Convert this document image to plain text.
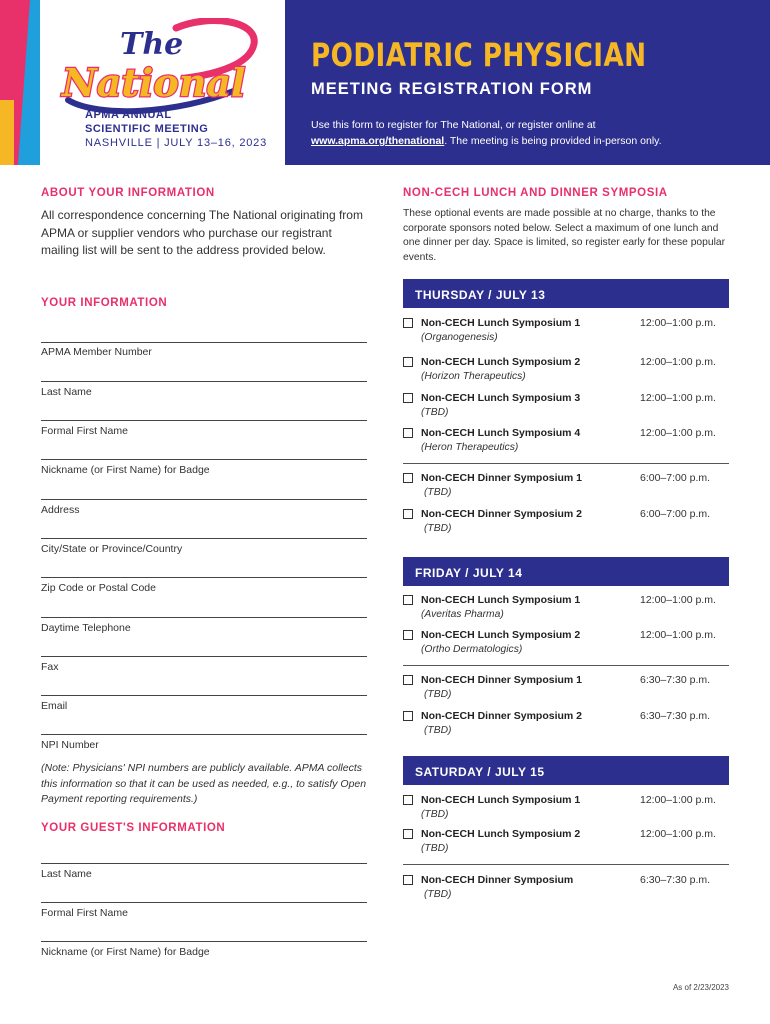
The
National
APMA ANNUAL
SCIENTIFIC MEETING
NASHVILLE | JULY 13–16, 2023
PODIATRIC PHYSICIAN
MEETING REGISTRATION FORM
Use this form to register for The National, or register online at
www.apma.org/thenational. The meeting is being provided in-person only.
ABOUT YOUR INFORMATION
All correspondence concerning The National originating from APMA or supplier vendors who purchase our registrant mailing list will be sent to the address provided below.
YOUR INFORMATION
APMA Member Number
Last Name
Formal First Name
Nickname (or First Name) for Badge
Address
City/State or Province/Country
Zip Code or Postal Code
Daytime Telephone
Fax
Email
NPI Number
(Note: Physicians' NPI numbers are publicly available. APMA collects this information so that it can be used as needed, e.g., to satisfy Open Payment reporting requirements.)
YOUR GUEST'S INFORMATION
Last Name
Formal First Name
Nickname (or First Name) for Badge
NON-CECH LUNCH AND DINNER SYMPOSIA
These optional events are made possible at no charge, thanks to the corporate sponsors noted below. Select a maximum of one lunch and one dinner per day. Space is limited, so register early for these popular events.
THURSDAY / JULY 13
Non-CECH Lunch Symposium 1
(Organogenesis)
12:00–1:00 p.m.
Non-CECH Lunch Symposium 2
(Horizon Therapeutics)
12:00–1:00 p.m.
Non-CECH Lunch Symposium 3
(TBD)
12:00–1:00 p.m.
Non-CECH Lunch Symposium 4
(Heron Therapeutics)
12:00–1:00 p.m.
Non-CECH Dinner Symposium 1
(TBD)
6:00–7:00 p.m.
Non-CECH Dinner Symposium 2
(TBD)
6:00–7:00 p.m.
FRIDAY / JULY 14
Non-CECH Lunch Symposium 1
(Averitas Pharma)
12:00–1:00 p.m.
Non-CECH Lunch Symposium 2
(Ortho Dermatologics)
12:00–1:00 p.m.
Non-CECH Dinner Symposium 1
(TBD)
6:30–7:30 p.m.
Non-CECH Dinner Symposium 2
(TBD)
6:30–7:30 p.m.
SATURDAY / JULY 15
Non-CECH Lunch Symposium 1
(TBD)
12:00–1:00 p.m.
Non-CECH Lunch Symposium 2
(TBD)
12:00–1:00 p.m.
Non-CECH Dinner Symposium
(TBD)
6:30–7:30 p.m.
As of 2/23/2023
